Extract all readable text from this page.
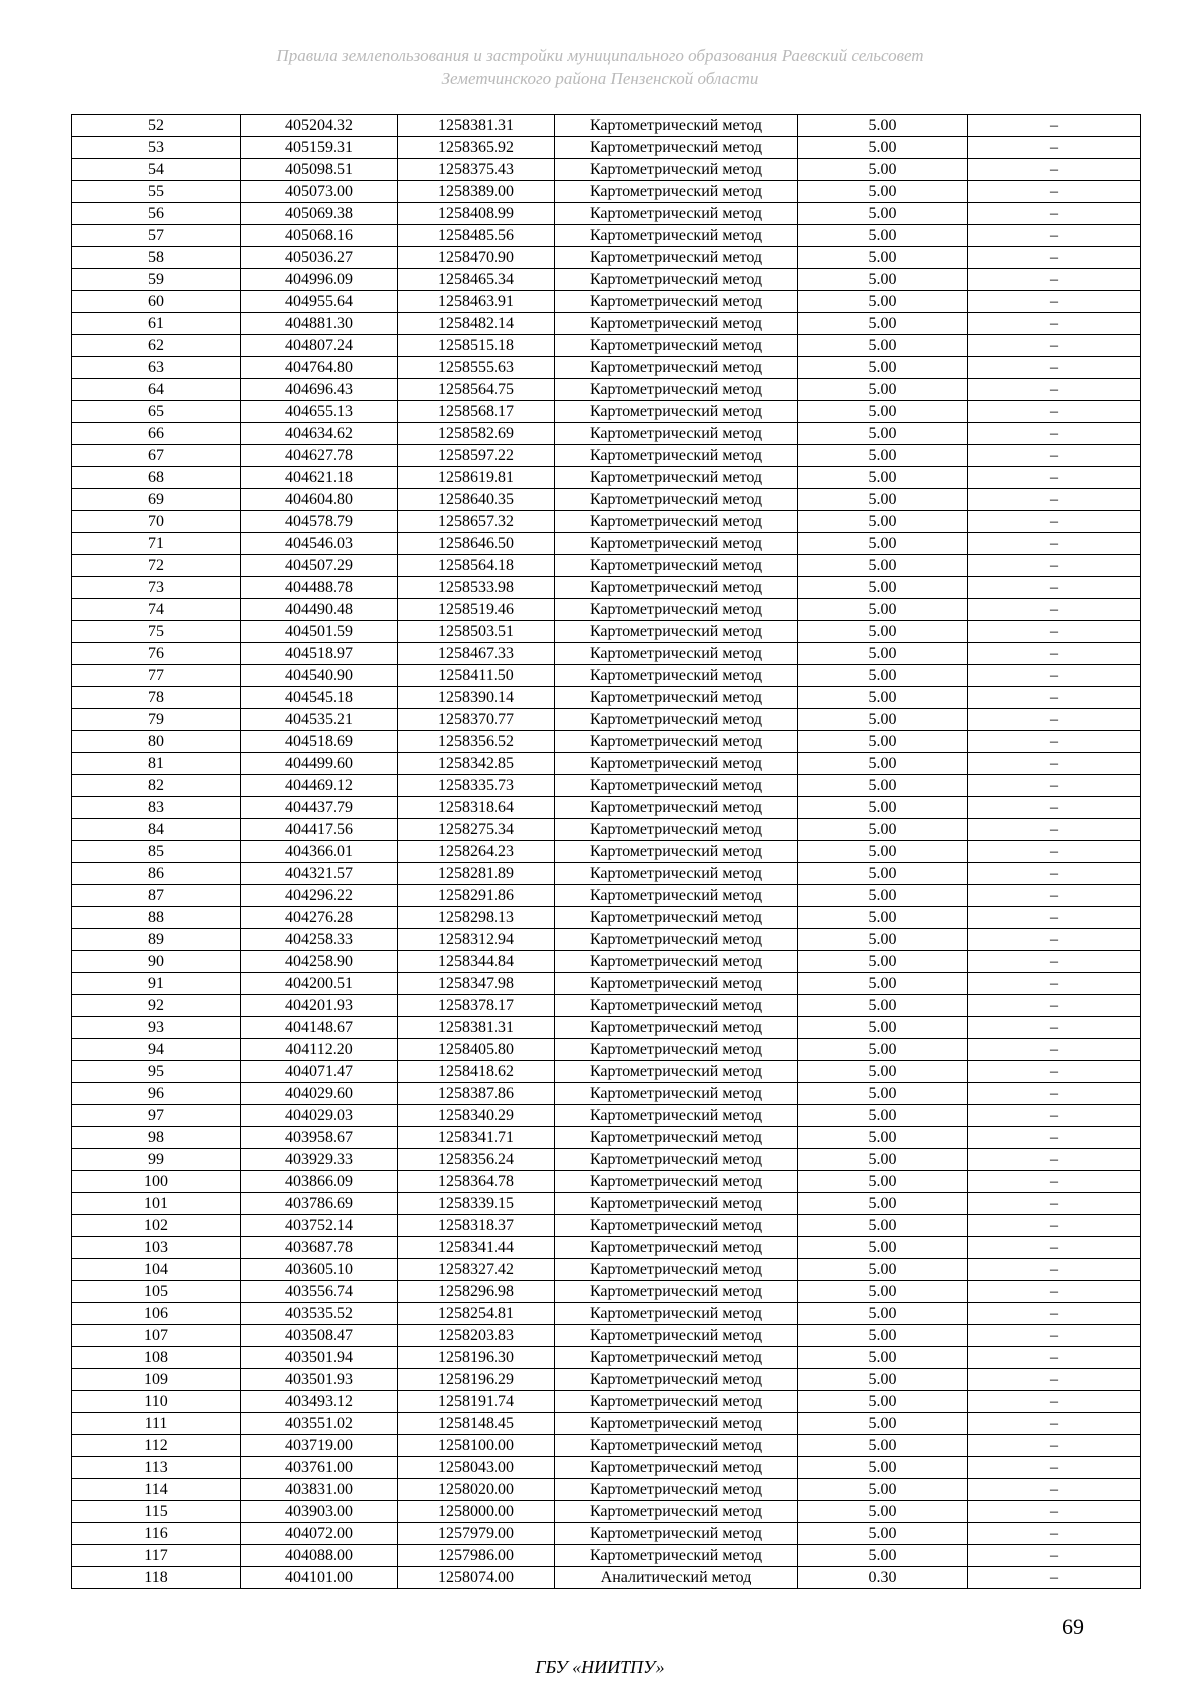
Правила землепользования и застройки муниципального образования Раевский сельсовет
Земетчинского района Пензенской области
52	405204.32	1258381.31	Картометрический метод	5.00	–
53	405159.31	1258365.92	Картометрический метод	5.00	–
54	405098.51	1258375.43	Картометрический метод	5.00	–
55	405073.00	1258389.00	Картометрический метод	5.00	–
56	405069.38	1258408.99	Картометрический метод	5.00	–
57	405068.16	1258485.56	Картометрический метод	5.00	–
58	405036.27	1258470.90	Картометрический метод	5.00	–
59	404996.09	1258465.34	Картометрический метод	5.00	–
60	404955.64	1258463.91	Картометрический метод	5.00	–
61	404881.30	1258482.14	Картометрический метод	5.00	–
62	404807.24	1258515.18	Картометрический метод	5.00	–
63	404764.80	1258555.63	Картометрический метод	5.00	–
64	404696.43	1258564.75	Картометрический метод	5.00	–
65	404655.13	1258568.17	Картометрический метод	5.00	–
66	404634.62	1258582.69	Картометрический метод	5.00	–
67	404627.78	1258597.22	Картометрический метод	5.00	–
68	404621.18	1258619.81	Картометрический метод	5.00	–
69	404604.80	1258640.35	Картометрический метод	5.00	–
70	404578.79	1258657.32	Картометрический метод	5.00	–
71	404546.03	1258646.50	Картометрический метод	5.00	–
72	404507.29	1258564.18	Картометрический метод	5.00	–
73	404488.78	1258533.98	Картометрический метод	5.00	–
74	404490.48	1258519.46	Картометрический метод	5.00	–
75	404501.59	1258503.51	Картометрический метод	5.00	–
76	404518.97	1258467.33	Картометрический метод	5.00	–
77	404540.90	1258411.50	Картометрический метод	5.00	–
78	404545.18	1258390.14	Картометрический метод	5.00	–
79	404535.21	1258370.77	Картометрический метод	5.00	–
80	404518.69	1258356.52	Картометрический метод	5.00	–
81	404499.60	1258342.85	Картометрический метод	5.00	–
82	404469.12	1258335.73	Картометрический метод	5.00	–
83	404437.79	1258318.64	Картометрический метод	5.00	–
84	404417.56	1258275.34	Картометрический метод	5.00	–
85	404366.01	1258264.23	Картометрический метод	5.00	–
86	404321.57	1258281.89	Картометрический метод	5.00	–
87	404296.22	1258291.86	Картометрический метод	5.00	–
88	404276.28	1258298.13	Картометрический метод	5.00	–
89	404258.33	1258312.94	Картометрический метод	5.00	–
90	404258.90	1258344.84	Картометрический метод	5.00	–
91	404200.51	1258347.98	Картометрический метод	5.00	–
92	404201.93	1258378.17	Картометрический метод	5.00	–
93	404148.67	1258381.31	Картометрический метод	5.00	–
94	404112.20	1258405.80	Картометрический метод	5.00	–
95	404071.47	1258418.62	Картометрический метод	5.00	–
96	404029.60	1258387.86	Картометрический метод	5.00	–
97	404029.03	1258340.29	Картометрический метод	5.00	–
98	403958.67	1258341.71	Картометрический метод	5.00	–
99	403929.33	1258356.24	Картометрический метод	5.00	–
100	403866.09	1258364.78	Картометрический метод	5.00	–
101	403786.69	1258339.15	Картометрический метод	5.00	–
102	403752.14	1258318.37	Картометрический метод	5.00	–
103	403687.78	1258341.44	Картометрический метод	5.00	–
104	403605.10	1258327.42	Картометрический метод	5.00	–
105	403556.74	1258296.98	Картометрический метод	5.00	–
106	403535.52	1258254.81	Картометрический метод	5.00	–
107	403508.47	1258203.83	Картометрический метод	5.00	–
108	403501.94	1258196.30	Картометрический метод	5.00	–
109	403501.93	1258196.29	Картометрический метод	5.00	–
110	403493.12	1258191.74	Картометрический метод	5.00	–
111	403551.02	1258148.45	Картометрический метод	5.00	–
112	403719.00	1258100.00	Картометрический метод	5.00	–
113	403761.00	1258043.00	Картометрический метод	5.00	–
114	403831.00	1258020.00	Картометрический метод	5.00	–
115	403903.00	1258000.00	Картометрический метод	5.00	–
116	404072.00	1257979.00	Картометрический метод	5.00	–
117	404088.00	1257986.00	Картометрический метод	5.00	–
118	404101.00	1258074.00	Аналитический метод	0.30	–
69
ГБУ «НИИТПУ»
